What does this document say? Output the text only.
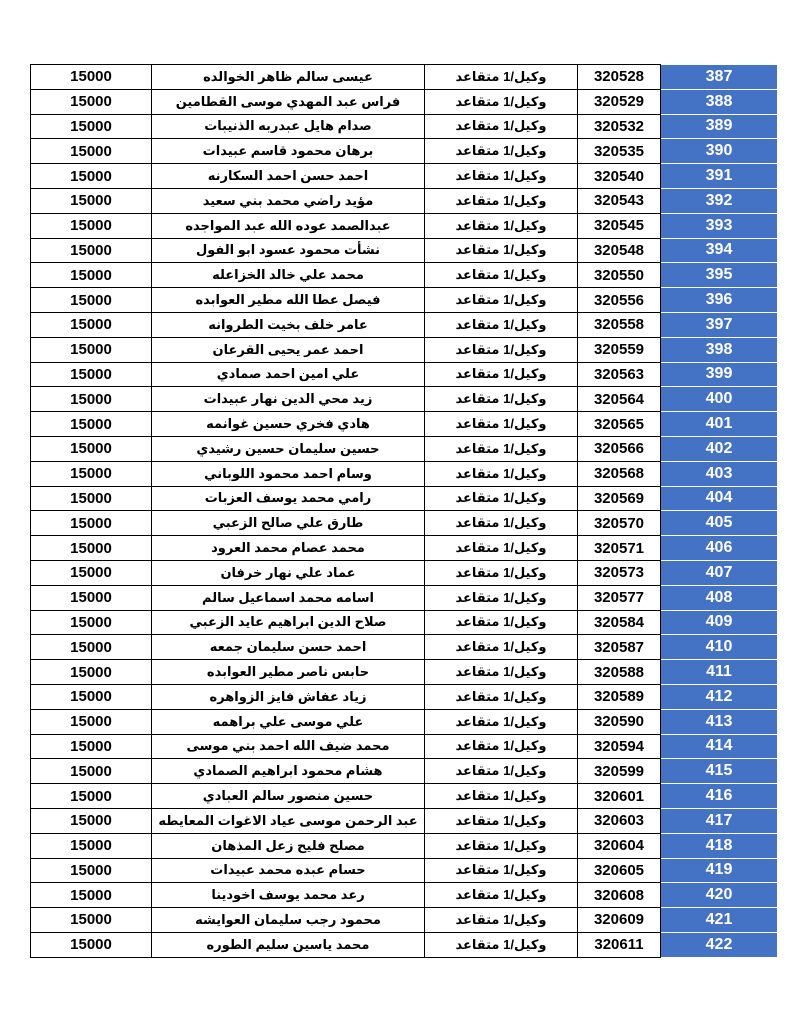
15000	عيسى سالم ظاهر الخوالده	وكيل/1 متقاعد	320528	387
15000	فراس عبد المهدي موسى القطامين	وكيل/1 متقاعد	320529	388
15000	صدام هايل عبدربه الذنيبات	وكيل/1 متقاعد	320532	389
15000	برهان محمود قاسم عبيدات	وكيل/1 متقاعد	320535	390
15000	احمد حسن احمد السكارنه	وكيل/1 متقاعد	320540	391
15000	مؤيد راضي محمد بني سعيد	وكيل/1 متقاعد	320543	392
15000	عبدالصمد عوده الله عبد المواجده	وكيل/1 متقاعد	320545	393
15000	نشأت محمود عسود ابو الفول	وكيل/1 متقاعد	320548	394
15000	محمد علي خالد الخزاعله	وكيل/1 متقاعد	320550	395
15000	فيصل عطا الله مطير العوابده	وكيل/1 متقاعد	320556	396
15000	عامر خلف بخيت الطروانه	وكيل/1 متقاعد	320558	397
15000	احمد عمر يحيى القرعان	وكيل/1 متقاعد	320559	398
15000	علي امين احمد صمادي	وكيل/1 متقاعد	320563	399
15000	زيد محي الدين نهار عبيدات	وكيل/1 متقاعد	320564	400
15000	هادي فخري حسين غوانمه	وكيل/1 متقاعد	320565	401
15000	حسين سليمان حسين رشيدي	وكيل/1 متقاعد	320566	402
15000	وسام احمد محمود اللوباني	وكيل/1 متقاعد	320568	403
15000	رامي محمد يوسف العزبات	وكيل/1 متقاعد	320569	404
15000	طارق علي صالح الزعبي	وكيل/1 متقاعد	320570	405
15000	محمد عصام محمد العرود	وكيل/1 متقاعد	320571	406
15000	عماد علي نهار خرفان	وكيل/1 متقاعد	320573	407
15000	اسامه محمد اسماعيل سالم	وكيل/1 متقاعد	320577	408
15000	صلاح الدين ابراهيم عايد الزعبي	وكيل/1 متقاعد	320584	409
15000	احمد حسن سليمان جمعه	وكيل/1 متقاعد	320587	410
15000	حابس ناصر مطير العوابده	وكيل/1 متقاعد	320588	411
15000	زياد عفاش فايز الزواهره	وكيل/1 متقاعد	320589	412
15000	علي موسى علي براهمه	وكيل/1 متقاعد	320590	413
15000	محمد ضيف الله احمد بني موسى	وكيل/1 متقاعد	320594	414
15000	هشام محمود ابراهيم الصمادي	وكيل/1 متقاعد	320599	415
15000	حسين منصور سالم العبادي	وكيل/1 متقاعد	320601	416
15000	عبد الرحمن موسى عياد الاغوات المعايطه	وكيل/1 متقاعد	320603	417
15000	مصلح فليح زعل المذهان	وكيل/1 متقاعد	320604	418
15000	حسام عبده محمد عبيدات	وكيل/1 متقاعد	320605	419
15000	رعد محمد يوسف اخودينا	وكيل/1 متقاعد	320608	420
15000	محمود رجب سليمان العوايشه	وكيل/1 متقاعد	320609	421
15000	محمد ياسين سليم الطوره	وكيل/1 متقاعد	320611	422
